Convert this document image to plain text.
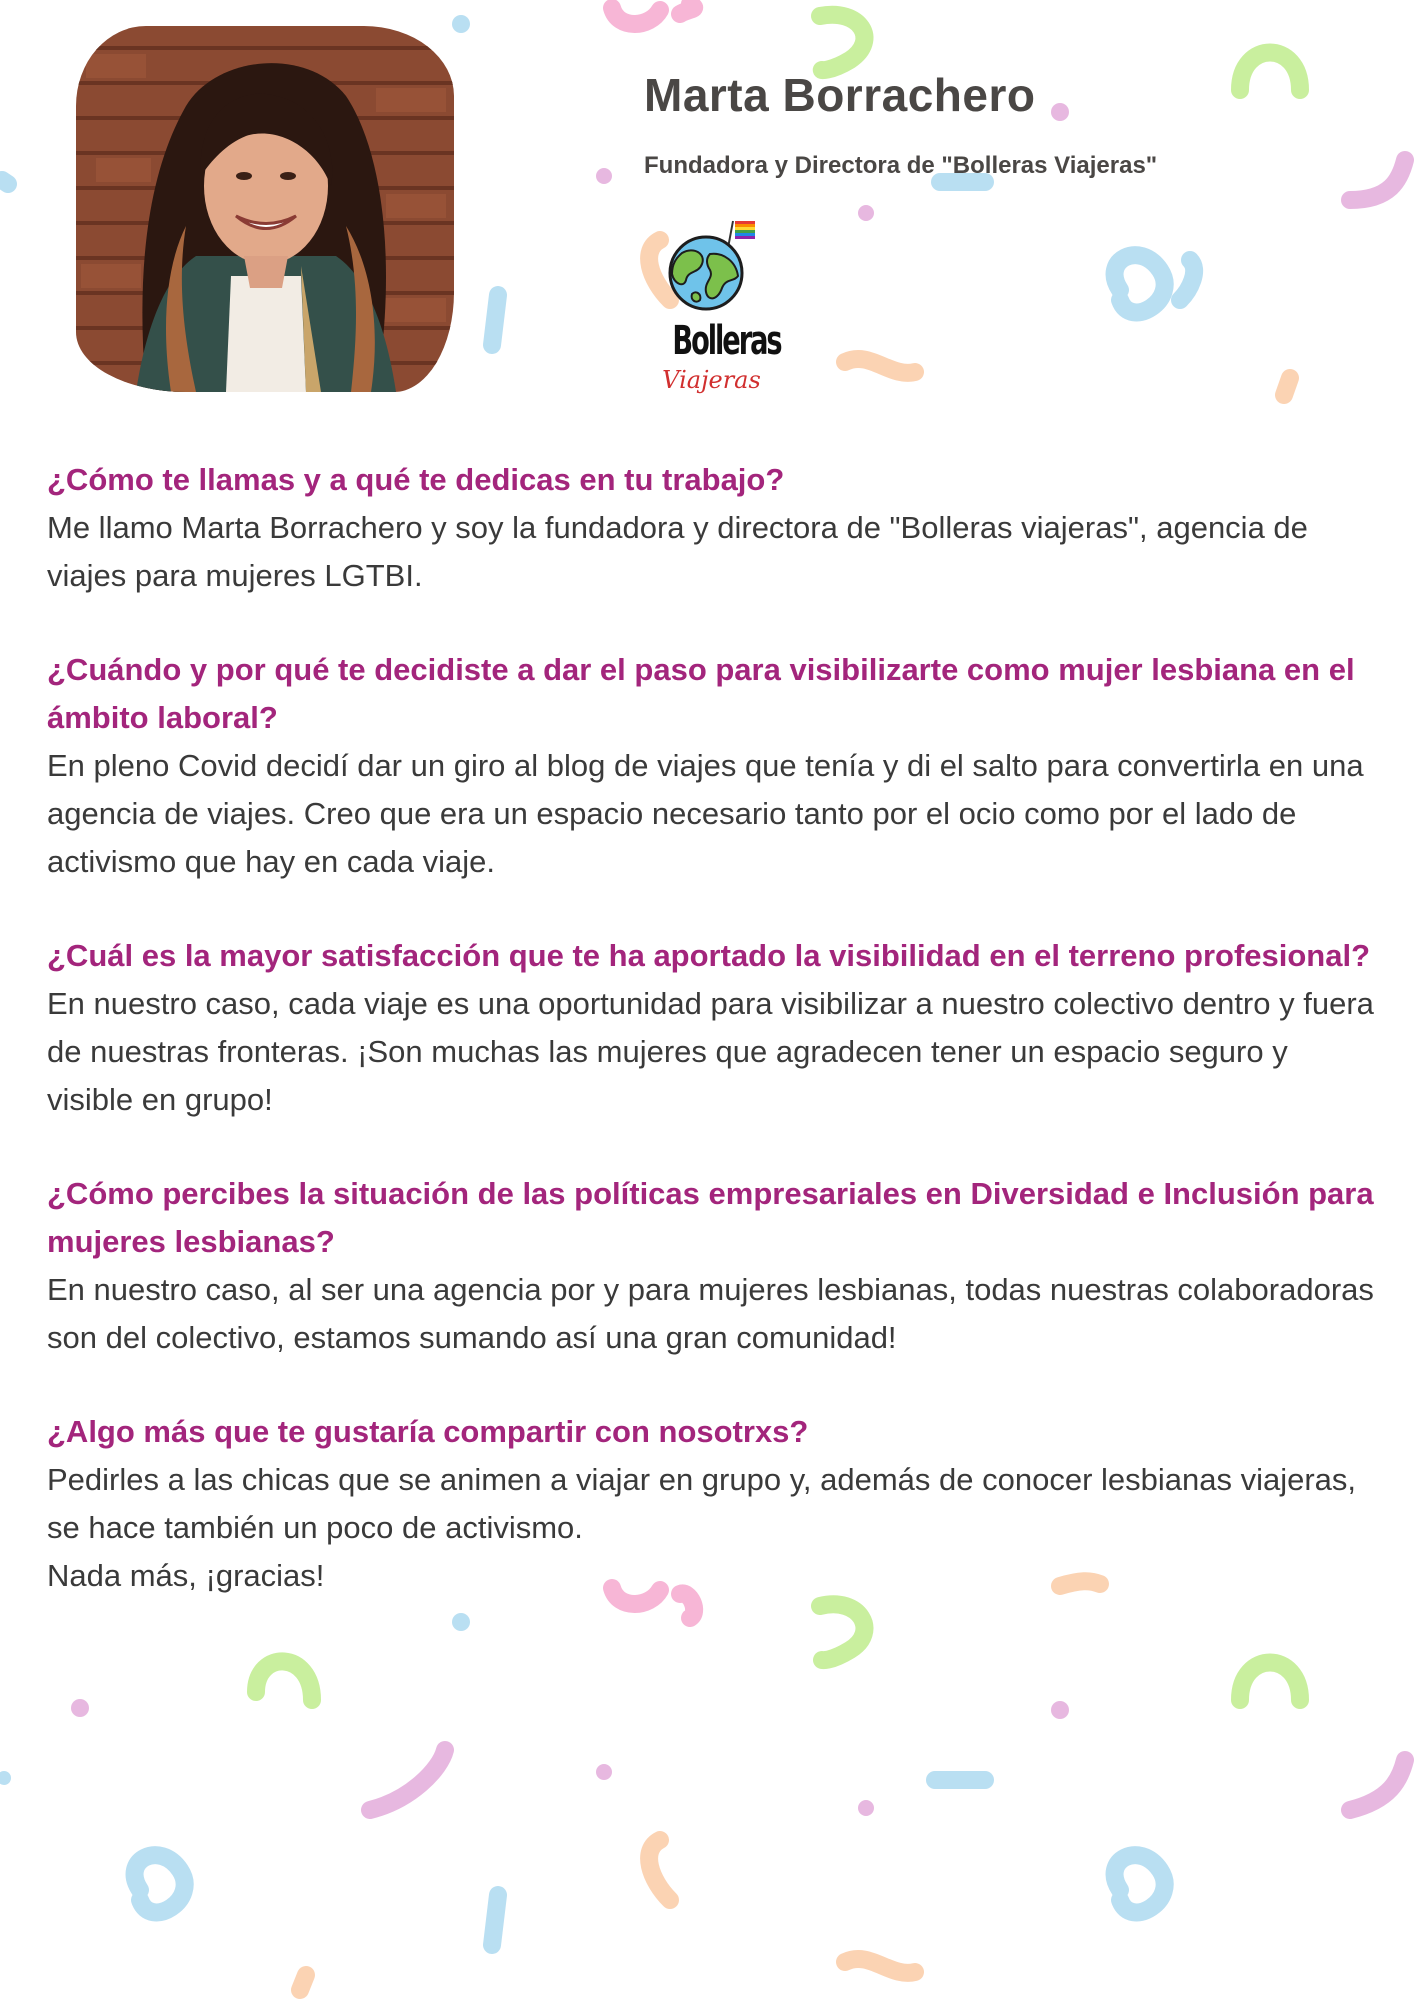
Marta Borrachero

Fundadora y Directora de "Bolleras Viajeras"

Bolleras
Viajeras

¿Cómo te llamas y a qué te dedicas en tu trabajo?

Me llamo Marta Borrachero y soy la fundadora y directora de "Bolleras viajeras", agencia de viajes para mujeres LGTBI.

¿Cuándo y por qué te decidiste a dar el paso para visibilizarte como mujer lesbiana en el ámbito laboral?

En pleno Covid decidí dar un giro al blog de viajes que tenía y di el salto para convertirla en una agencia de viajes. Creo que era un espacio necesario tanto por el ocio como por el lado de activismo que hay en cada viaje.

¿Cuál es la mayor satisfacción que te ha aportado la visibilidad en el terreno profesional?

En nuestro caso, cada viaje es una oportunidad para visibilizar a nuestro colectivo dentro y fuera de nuestras fronteras. ¡Son muchas las mujeres que agradecen tener un espacio seguro y visible en grupo!

¿Cómo percibes la situación de las políticas empresariales en Diversidad e Inclusión para mujeres lesbianas?

En nuestro caso, al ser una agencia por y para mujeres lesbianas, todas nuestras colaboradoras son del colectivo, estamos sumando así una gran comunidad!

¿Algo más que te gustaría compartir con nosotrxs?

Pedirles a las chicas que se animen a viajar en grupo y, además de conocer lesbianas viajeras, se hace también un poco de activismo.

Nada más, ¡gracias!
